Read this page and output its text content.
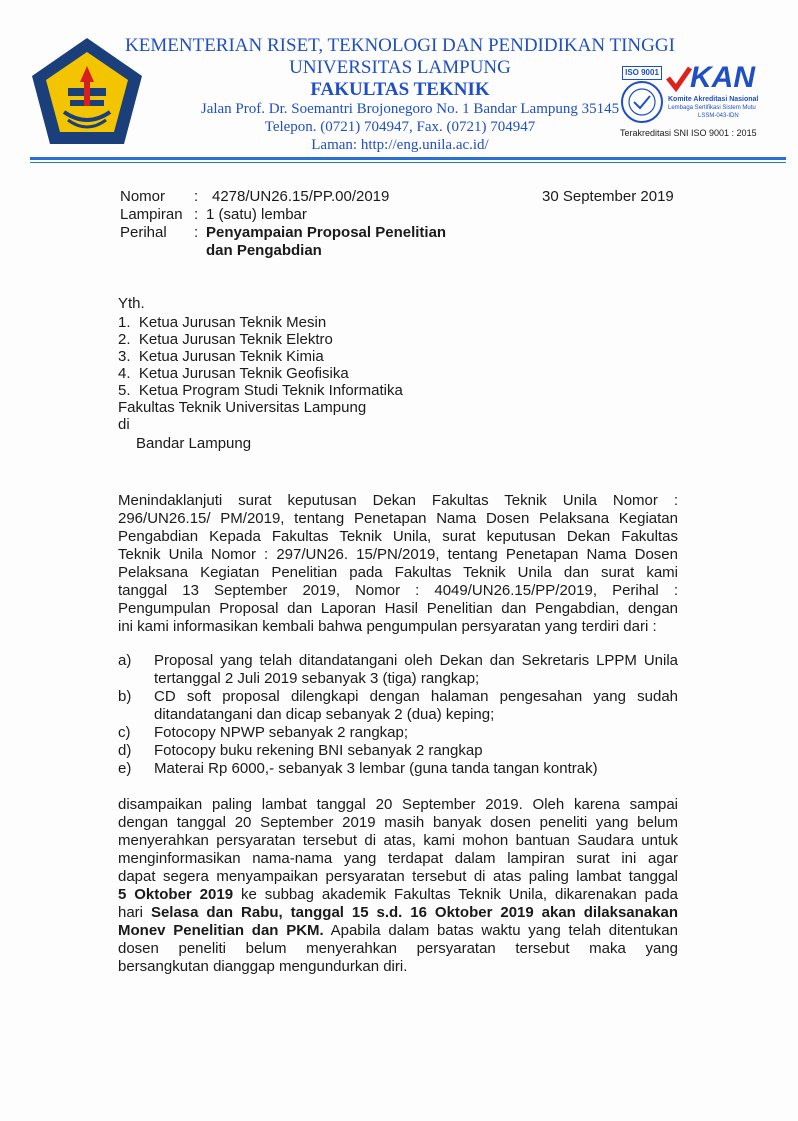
KEMENTERIAN RISET, TEKNOLOGI DAN PENDIDIKAN TINGGI
UNIVERSITAS LAMPUNG
FAKULTAS TEKNIK
Jalan Prof. Dr. Soemantri Brojonegoro No. 1 Bandar Lampung 35145
Telepon. (0721) 704947, Fax. (0721) 704947
Laman: http://eng.unila.ac.id/
ISO 9001 KAN
Komite Akreditasi Nasional
Lembaga Sertifikasi Sistem Mutu
LSSM-043-IDN
Terakreditasi SNI ISO 9001 : 2015
Nomor : 4278/UN26.15/PP.00/2019	30 September 2019
Lampiran : 1 (satu) lembar
Perihal : Penyampaian Proposal Penelitian
dan Pengabdian
Yth.
1.  Ketua Jurusan Teknik Mesin
2.  Ketua Jurusan Teknik Elektro
3.  Ketua Jurusan Teknik Kimia
4.  Ketua Jurusan Teknik Geofisika
5.  Ketua Program Studi Teknik Informatika
Fakultas Teknik Universitas Lampung
di
Bandar Lampung
Menindaklanjuti surat keputusan Dekan Fakultas Teknik Unila Nomor :
296/UN26.15/ PM/2019, tentang Penetapan Nama Dosen Pelaksana Kegiatan
Pengabdian Kepada Fakultas Teknik Unila, surat keputusan Dekan Fakultas
Teknik Unila Nomor : 297/UN26. 15/PN/2019, tentang Penetapan Nama Dosen
Pelaksana Kegiatan Penelitian pada Fakultas Teknik Unila dan surat kami
tanggal 13 September 2019, Nomor : 4049/UN26.15/PP/2019, Perihal :
Pengumpulan Proposal dan Laporan Hasil Penelitian dan Pengabdian, dengan
ini kami informasikan kembali bahwa pengumpulan persyaratan yang terdiri dari :
a) Proposal yang telah ditandatangani oleh Dekan dan Sekretaris LPPM Unila
tertanggal 2 Juli 2019 sebanyak 3 (tiga) rangkap;
b) CD soft proposal dilengkapi dengan halaman pengesahan yang sudah
ditandatangani dan dicap sebanyak 2 (dua) keping;
c) Fotocopy NPWP sebanyak 2 rangkap;
d) Fotocopy buku rekening BNI sebanyak 2 rangkap
e) Materai Rp 6000,- sebanyak 3 lembar (guna tanda tangan kontrak)
disampaikan paling lambat tanggal 20 September 2019. Oleh karena sampai
dengan tanggal 20 September 2019 masih banyak dosen peneliti yang belum
menyerahkan persyaratan tersebut di atas, kami mohon bantuan Saudara untuk
menginformasikan nama-nama yang terdapat dalam lampiran surat ini agar
dapat segera menyampaikan persyaratan tersebut di atas paling lambat tanggal
5 Oktober 2019 ke subbag akademik Fakultas Teknik Unila, dikarenakan pada
hari Selasa dan Rabu, tanggal 15 s.d. 16 Oktober 2019 akan dilaksanakan
Monev Penelitian dan PKM. Apabila dalam batas waktu yang telah ditentukan
dosen peneliti belum menyerahkan persyaratan tersebut maka yang
bersangkutan dianggap mengundurkan diri.
